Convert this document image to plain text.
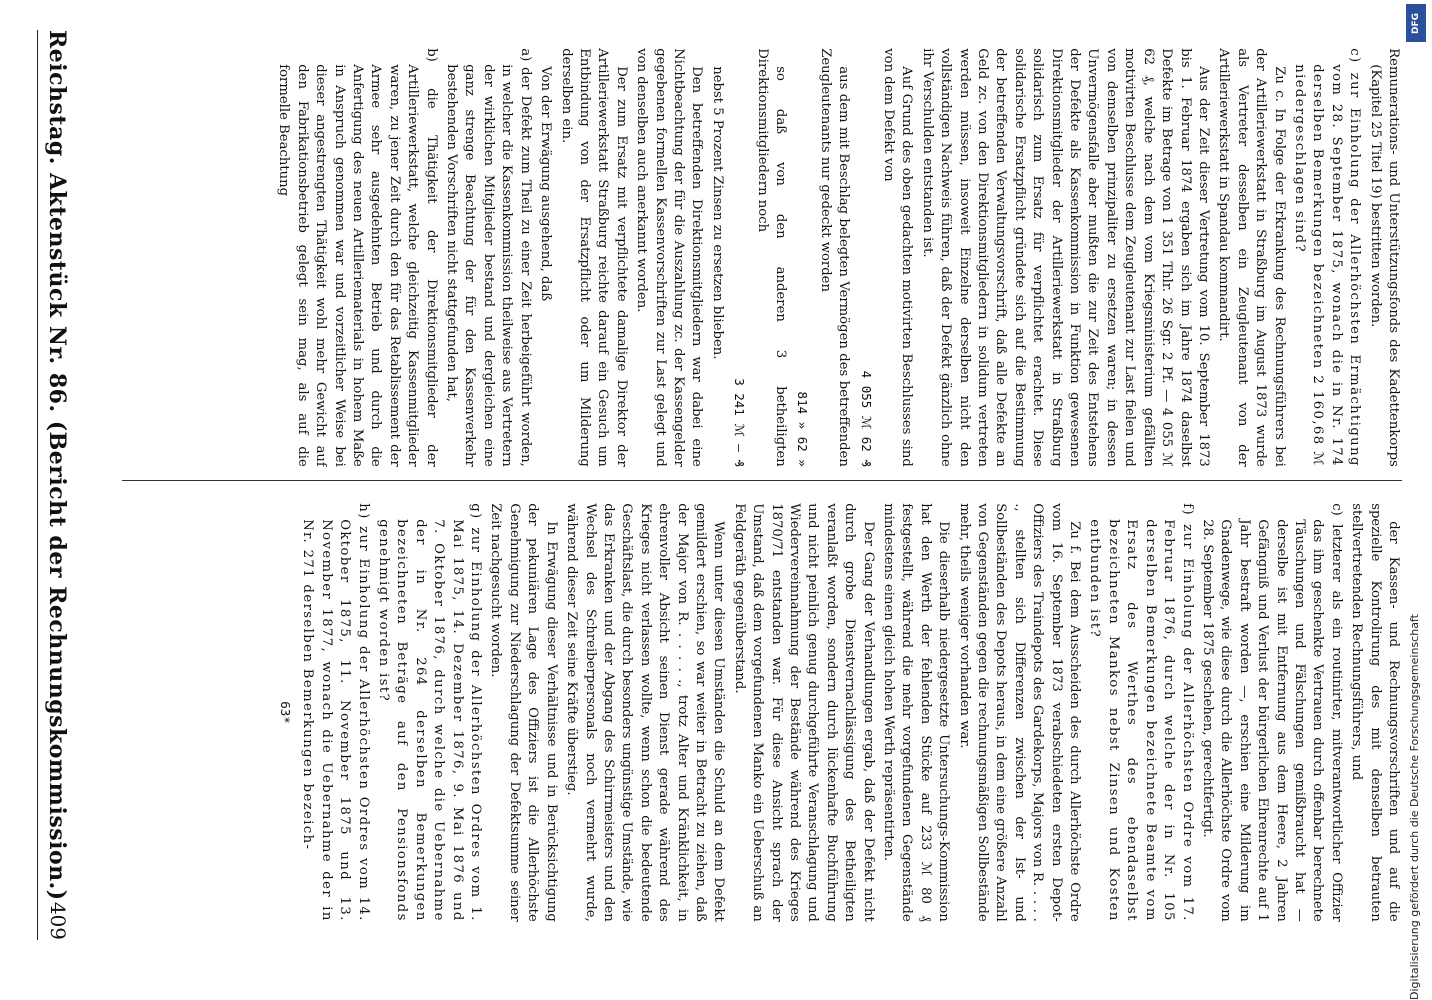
Reichstag. Aktenstück Nr. 86. (Bericht der Rechnungskommission.)
409

Remunerations- und Unterstützungsfonds des Kadettenkorps (Kapitel 25 Titel 19) bestritten worden.

c) zur Einholung der Allerhöchsten Ermächtigung vom 28. September 1875, wonach die in Nr. 174 derselben Bemerkungen bezeichneten 2 160,68 ℳ niedergeschlagen sind?

Zu c. In Folge der Erkrankung des Rechnungsführers bei der Artilleriewerkstatt in Straßburg im August 1873 wurde als Vertreter desselben ein Zeugleutenant von der Artilleriewerkstatt in Spandau kommandirt.

Aus der Zeit dieser Vertretung vom 10. September 1873 bis 1. Februar 1874 ergaben sich im Jahre 1874 daselbst Defekte im Betrage von 1 351 Thlr. 26 Sgr. 2 Pf. — 4 055 ℳ 62 ₰, welche nach dem vom Kriegsministerium gefällten motivirten Beschlusse dem Zeugleutenant zur Last fielen und von demselben prinzipaliter zu ersetzen waren; in dessen Unvermögensfalle aber mußten die zur Zeit des Entstehens der Defekte als Kassenkommission in Funktion gewesenen Direktionsmitglieder der Artilleriewerkstatt in Straßburg solidarisch zum Ersatz für verpflichtet erachtet. Diese solidarische Ersatzpflicht gründete sich auf die Bestimmung der betreffenden Verwaltungsvorschrift, daß alle Defekte an Geld zc. von den Direktionsmitgliedern in solidum vertreten werden müssen, insoweit Einzelne derselben nicht den vollständigen Nachweis führen, daß der Defekt gänzlich ohne ihr Verschulden entstanden ist.

Auf Grund des oben gedachten motivirten Beschlusses sind von dem Defekt von

4 055 ℳ 62 ₰

aus dem mit Beschlag belegten Vermögen des betreffenden Zeugleutenants nur gedeckt worden

814 » 62 »

so daß von den anderen 3 betheiligten Direktionsmitgliedern noch

3 241 ℳ — ₰

nebst 5 Prozent Zinsen zu ersetzen blieben.

Den betreffenden Direktionsmitgliedern war dabei eine Nichtbeachtung der für die Auszahlung zc. der Kassengelder gegebenen formellen Kassenvorschriften zur Last gelegt und von denselben auch anerkannt worden.

Der zum Ersatz mit verpflichtete damalige Direktor der Artilleriewerkstatt Straßburg reichte darauf ein Gesuch um Entbindung von der Ersatzpflicht oder um Milderung derselben ein.

Von der Erwägung ausgehend, daß

a) der Defekt zum Theil zu einer Zeit herbeigeführt worden, in welcher die Kassenkommission theilweise aus Vertretern der wirklichen Mitglieder bestand und dergleichen eine ganz strenge Beachtung der für den Kassenverkehr bestehenden Vorschriften nicht stattgefunden hat,

b) die Thätigkeit der Direktionsmitglieder der Artilleriewerkstatt, welche gleichzeitig Kassenmitglieder waren, zu jener Zeit durch den für das Retablissement der Armee sehr ausgedehnten Betrieb und durch die Anfertigung des neuen Artilleriematerials in hohem Maße in Anspruch genommen war und vorzeitlicher Weise bei dieser angestrengten Thätigkeit wohl mehr Gewicht auf den Fabrikationsbetrieb gelegt sein mag, als auf die formelle Beachtung

der Kassen- und Rechnungsvorschriften und auf die spezielle Kontrolirung des mit denselben betrauten stellvertretenden Rechnungsführers, und

c) letzterer als ein routinirter, mitverantwortlicher Offizier das ihm geschenkte Vertrauen durch offenbar berechnete Täuschungen und Fälschungen gemißbraucht hat — derselbe ist mit Entfernung aus dem Heere, 2 Jahren Gefängniß und Verlust der bürgerlichen Ehrenrechte auf 1 Jahr bestraft worden —, erschien eine Milderung im Gnadenwege, wie diese durch die Allerhöchste Ordre vom 28. September 1875 geschehen, gerechtfertigt.

f) zur Einholung der Allerhöchsten Ordre vom 17. Februar 1876, durch welche der in Nr. 105 derselben Bemerkungen bezeichnete Beamte vom Ersatz des Werthes des ebendaselbst bezeichneten Mankos nebst Zinsen und Kosten entbunden ist?

Zu f. Bei dem Ausscheiden des durch Allerhöchste Ordre vom 16. September 1873 verabschiedeten ersten Depot-Offiziers des Traindepots des Gardekorps, Majors von R. . . . . ., stellten sich Differenzen zwischen der Ist- und Sollbeständen des Depots heraus, in dem eine größere Anzahl von Gegenständen gegen die rechnungsmäßigen Sollbestände mehr, theils weniger vorhanden war.

Die dieserhalb niedergesetzte Untersuchungs-Kommission hat den Werth der fehlenden Stücke auf 233 ℳ 80 ₰ festgestellt, während die mehr vorgefundenen Gegenstände mindestens einen gleich hohen Werth repräsentirten.

Der Gang der Verhandlungen ergab, daß der Defekt nicht durch grobe Dienstvernachlässigung des Betheiligten veranlaßt worden, sondern durch lückenhafte Buchführung und nicht peinlich genug durchgeführte Veranschlagung und Wiedervereinnahmung der Bestände während des Krieges 1870/71 entstanden war. Für diese Ansicht sprach der Umstand, daß dem vorgefundenen Manko ein Ueberschuß an Feldgeräth gegenüberstand.

Wenn unter diesen Umständen die Schuld an dem Defekt gemildert erschien, so war weiter in Betracht zu ziehen, daß der Major von R. . . . . ., trotz Alter und Kränklichkeit, in ehrenvoller Absicht seinen Dienst gerade während des Krieges nicht verlassen wollte, wenn schon die bedeutende Geschäftslast, die durch besonders ungünstige Umstände, wie das Erkranken und der Abgang des Schirrmeisters und den Wechsel des Schreiberpersonals noch vermehrt wurde, während dieser Zeit seine Kräfte überstieg.

In Erwägung dieser Verhältnisse und in Berücksichtigung der pekuniären Lage des Offiziers ist die Allerhöchste Genehmigung zur Niederschlagung der Defektsumme seiner Zeit nachgesucht worden.

g) zur Einholung der Allerhöchsten Ordres vom 1. Mai 1875, 14. Dezember 1876, 9. Mai 1876 und 7. Oktober 1876, durch welche die Uebernahme der in Nr. 264 derselben Bemerkungen bezeichneten Beträge auf den Pensionsfonds genehmigt worden ist?

h) zur Einholung der Allerhöchsten Ordres vom 14. Oktober 1875, 11. November 1875 und 13. November 1877, wonach die Uebernahme der in Nr. 271 derselben Bemerkungen bezeich-

63*
DFG
Digitalisierung gefördert durch die Deutsche Forschungsgemeinschaft
